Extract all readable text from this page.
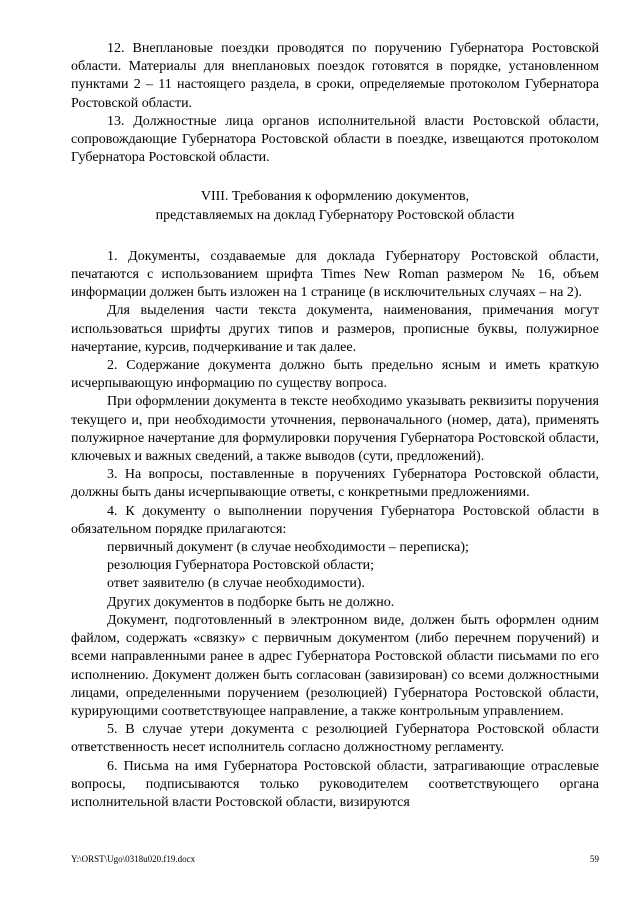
12. Внеплановые поездки проводятся по поручению Губернатора Ростовской области. Материалы для внеплановых поездок готовятся в порядке, установленном пунктами 2 – 11 настоящего раздела, в сроки, определяемые протоколом Губернатора Ростовской области.

13. Должностные лица органов исполнительной власти Ростовской области, сопровождающие Губернатора Ростовской области в поездке, извещаются протоколом Губернатора Ростовской области.

VIII. Требования к оформлению документов,
представляемых на доклад Губернатору Ростовской области

1. Документы, создаваемые для доклада Губернатору Ростовской области, печатаются с использованием шрифта Times New Roman размером № 16, объем информации должен быть изложен на 1 странице (в исключительных случаях – на 2).

Для выделения части текста документа, наименования, примечания могут использоваться шрифты других типов и размеров, прописные буквы, полужирное начертание, курсив, подчеркивание и так далее.

2. Содержание документа должно быть предельно ясным и иметь краткую исчерпывающую информацию по существу вопроса.

При оформлении документа в тексте необходимо указывать реквизиты поручения текущего и, при необходимости уточнения, первоначального (номер, дата), применять полужирное начертание для формулировки поручения Губернатора Ростовской области, ключевых и важных сведений, а также выводов (сути, предложений).

3. На вопросы, поставленные в поручениях Губернатора Ростовской области, должны быть даны исчерпывающие ответы, с конкретными предложениями.

4. К документу о выполнении поручения Губернатора Ростовской области в обязательном порядке прилагаются:

первичный документ (в случае необходимости – переписка);

резолюция Губернатора Ростовской области;

ответ заявителю (в случае необходимости).

Других документов в подборке быть не должно.

Документ, подготовленный в электронном виде, должен быть оформлен одним файлом, содержать «связку» с первичным документом (либо перечнем поручений) и всеми направленными ранее в адрес Губернатора Ростовской области письмами по его исполнению. Документ должен быть согласован (завизирован) со всеми должностными лицами, определенными поручением (резолюцией) Губернатора Ростовской области, курирующими соответствующее направление, а также контрольным управлением.

5. В случае утери документа с резолюцией Губернатора Ростовской области ответственность несет исполнитель согласно должностному регламенту.

6. Письма на имя Губернатора Ростовской области, затрагивающие отраслевые вопросы, подписываются только руководителем соответствующего органа исполнительной власти Ростовской области, визируются

Y:\ORST\Ugo\0318u020.f19.docx	59
